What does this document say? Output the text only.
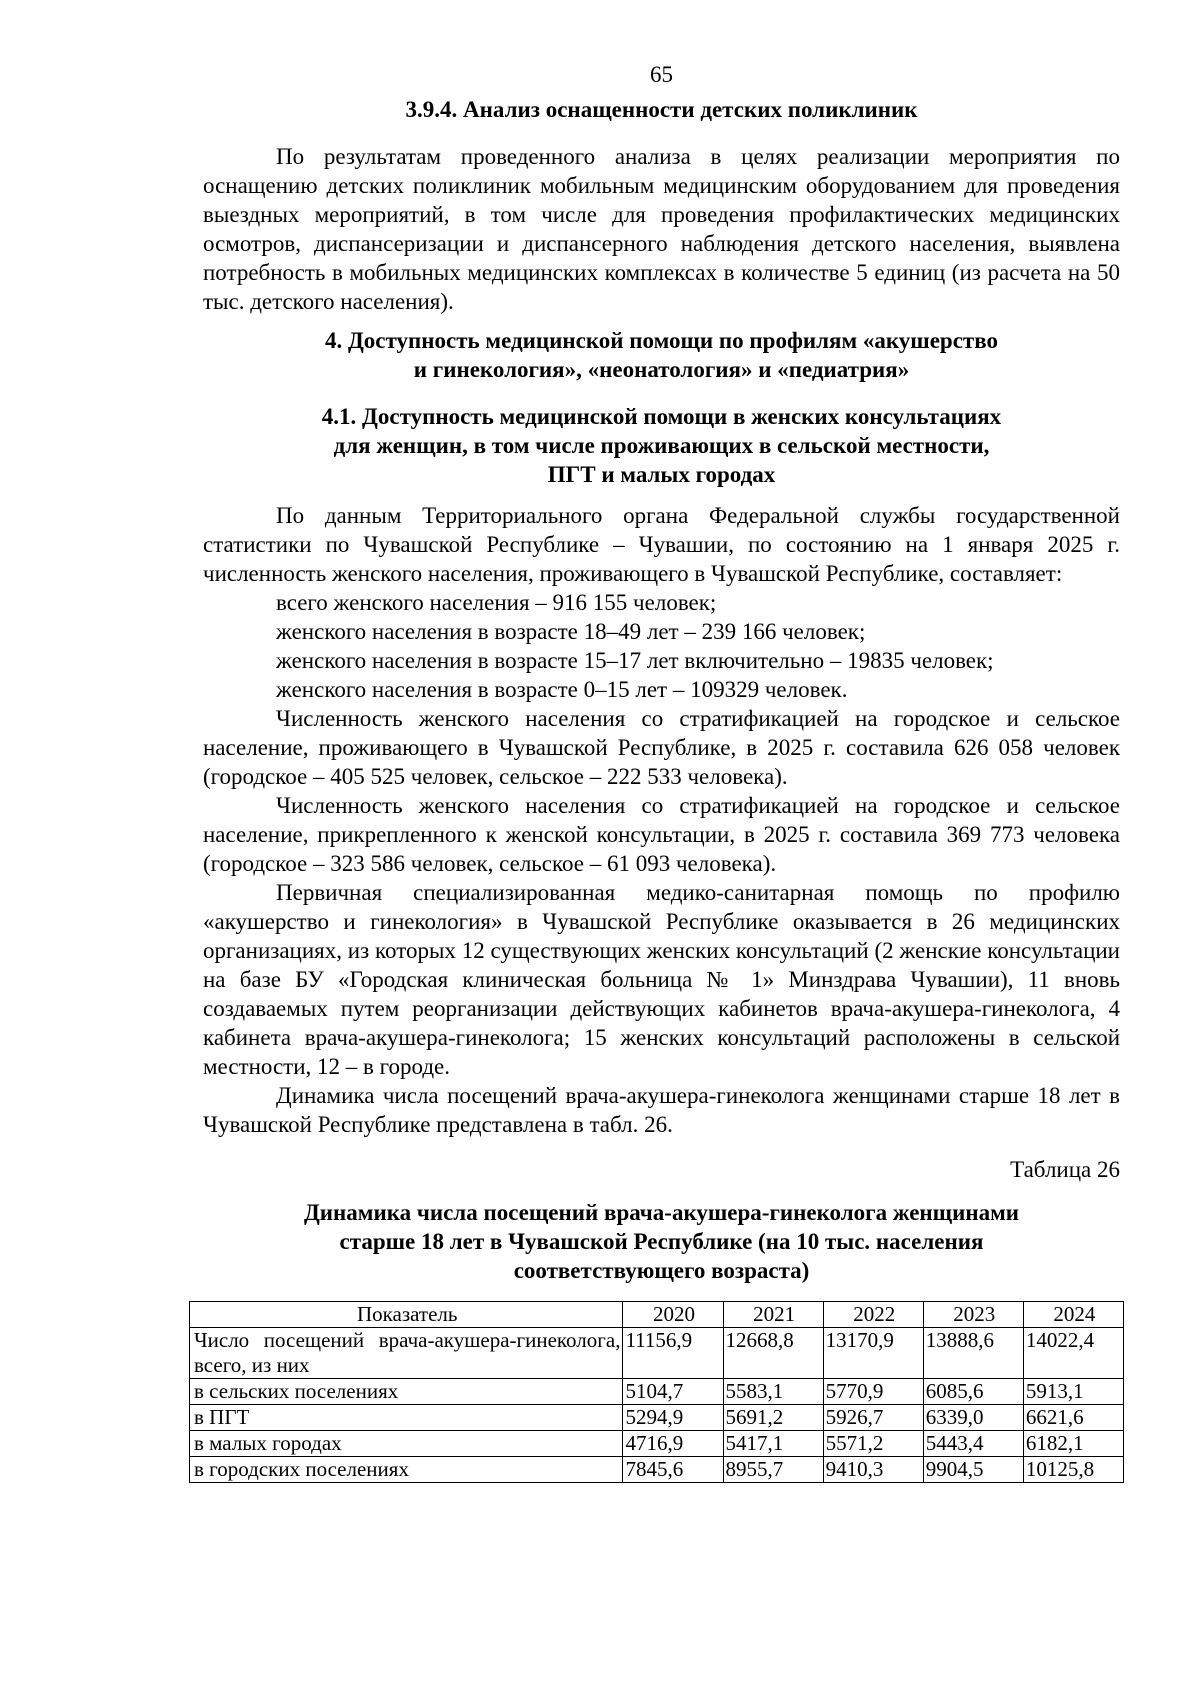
65
3.9.4. Анализ оснащенности детских поликлиник

По результатам проведенного анализа в целях реализации мероприятия по оснащению детских поликлиник мобильным медицинским оборудованием для проведения выездных мероприятий, в том числе для проведения профилактических медицинских осмотров, диспансеризации и диспансерного наблюдения детского населения, выявлена потребность в мобильных медицинских комплексах в количестве 5 единиц (из расчета на 50 тыс. детского населения).

4. Доступность медицинской помощи по профилям «акушерство
и гинекология», «неонатология» и «педиатрия»
4.1. Доступность медицинской помощи в женских консультациях
для женщин, в том числе проживающих в сельской местности,
ПГТ и малых городах

По данным Территориального органа Федеральной службы государственной статистики по Чувашской Республике – Чувашии, по состоянию на 1 января 2025 г. численность женского населения, проживающего в Чувашской Республике, составляет:

всего женского населения – 916 155 человек;

женского населения в возрасте 18–49 лет – 239 166 человек;

женского населения в возрасте 15–17 лет включительно – 19835 человек;

женского населения в возрасте 0–15 лет – 109329 человек.

Численность женского населения со стратификацией на городское и сельское население, проживающего в Чувашской Республике, в 2025 г. составила 626 058 человек (городское – 405 525 человек, сельское – 222 533 человека).

Численность женского населения со стратификацией на городское и сельское население, прикрепленного к женской консультации, в 2025 г. составила 369 773 человека (городское – 323 586 человек, сельское – 61 093 человека).

Первичная специализированная медико-санитарная помощь по профилю «акушерство и гинекология» в Чувашской Республике оказывается в 26 медицинских организациях, из которых 12 существующих женских консультаций (2 женские консультации на базе БУ «Городская клиническая больница № 1» Минздрава Чувашии), 11 вновь создаваемых путем реорганизации действующих кабинетов врача-акушера-гинеколога, 4 кабинета врача-акушера-гинеколога; 15 женских консультаций расположены в сельской местности, 12 – в городе.

Динамика числа посещений врача-акушера-гинеколога женщинами старше 18 лет в Чувашской Республике представлена в табл. 26.

Таблица 26
Динамика числа посещений врача-акушера-гинеколога женщинами
старше 18 лет в Чувашской Республике (на 10 тыс. населения
соответствующего возраста)
Показатель	2020	2021	2022	2023	2024
Число посещений врача-акушера-гинеколога, всего, из них	11156,9	12668,8	13170,9	13888,6	14022,4
в сельских поселениях	5104,7	5583,1	5770,9	6085,6	5913,1
в ПГТ	5294,9	5691,2	5926,7	6339,0	6621,6
в малых городах	4716,9	5417,1	5571,2	5443,4	6182,1
в городских поселениях	7845,6	8955,7	9410,3	9904,5	10125,8
